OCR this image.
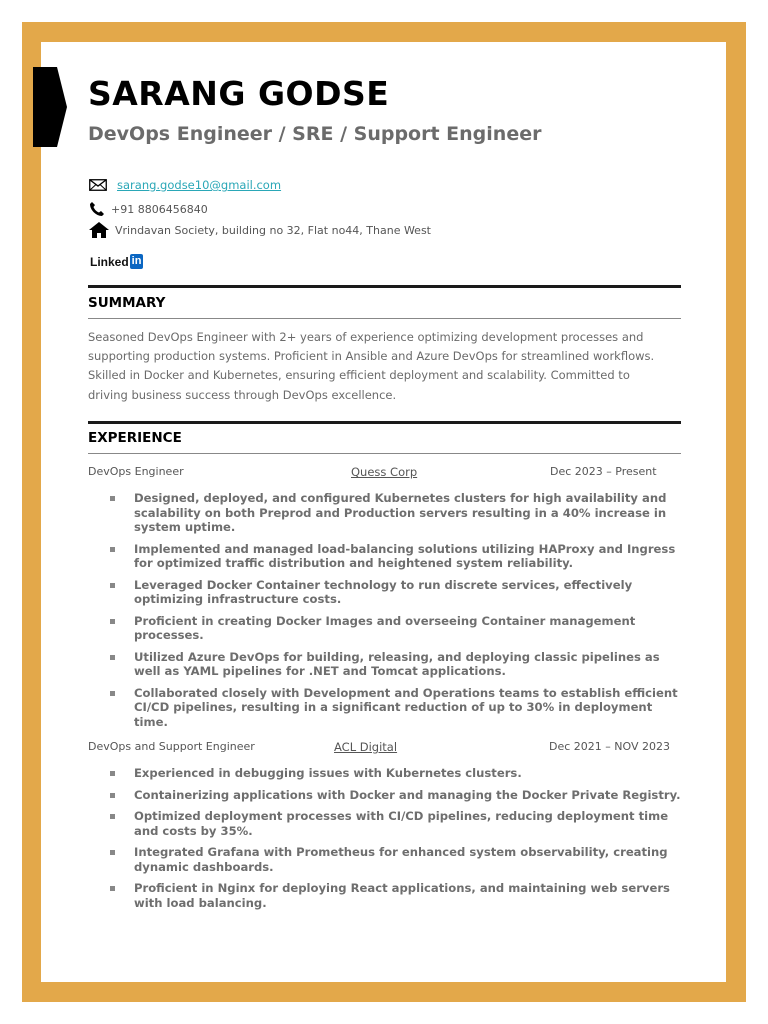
SARANG GODSE
DevOps Engineer / SRE / Support Engineer
sarang.godse10@gmail.com
+91 8806456840
Vrindavan Society, building no 32, Flat no44, Thane West
Linked in
SUMMARY

Seasoned DevOps Engineer with 2+ years of experience optimizing development processes and supporting production systems. Proficient in Ansible and Azure DevOps for streamlined workflows. Skilled in Docker and Kubernetes, ensuring efficient deployment and scalability. Committed to driving business success through DevOps excellence.

EXPERIENCE
DevOps Engineer	Quess Corp	Dec 2023 – Present
Designed, deployed, and configured Kubernetes clusters for high availability and scalability on both Preprod and Production servers resulting in a 40% increase in system uptime.
Implemented and managed load-balancing solutions utilizing HAProxy and Ingress for optimized traffic distribution and heightened system reliability.
Leveraged Docker Container technology to run discrete services, effectively optimizing infrastructure costs.
Proficient in creating Docker Images and overseeing Container management processes.
Utilized Azure DevOps for building, releasing, and deploying classic pipelines as well as YAML pipelines for .NET and Tomcat applications.
Collaborated closely with Development and Operations teams to establish efficient CI/CD pipelines, resulting in a significant reduction of up to 30% in deployment time.
DevOps and Support Engineer	ACL Digital	Dec 2021 – NOV 2023
Experienced in debugging issues with Kubernetes clusters.
Containerizing applications with Docker and managing the Docker Private Registry.
Optimized deployment processes with CI/CD pipelines, reducing deployment time and costs by 35%.
Integrated Grafana with Prometheus for enhanced system observability, creating dynamic dashboards.
Proficient in Nginx for deploying React applications, and maintaining web servers with load balancing.
